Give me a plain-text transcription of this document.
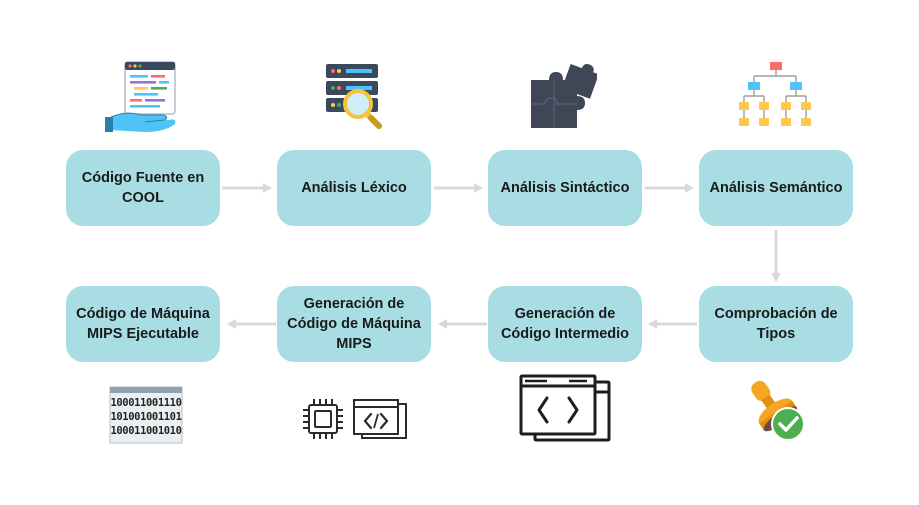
Código Fuente en COOL
Análisis Léxico	Análisis Sintáctico	Análisis Semántico
Comprobación de Tipos
Generación de Código Intermedio
Generación de Código de Máquina MIPS
Código de Máquina MIPS Ejecutable
100011001110
101001001101
100011001010
